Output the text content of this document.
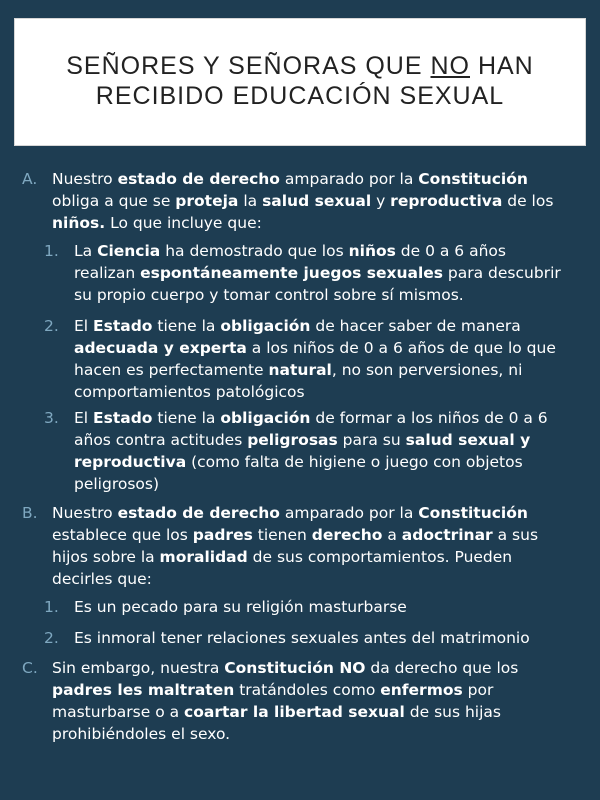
SEÑORES Y SEÑORAS QUE NO HAN
RECIBIDO EDUCACIÓN SEXUAL
A. Nuestro estado de derecho amparado por la Constitución obliga a que se proteja la salud sexual y reproductiva de los niños. Lo que incluye que:
1. La Ciencia ha demostrado que los niños de 0 a 6 años realizan espontáneamente juegos sexuales para descubrir su propio cuerpo y tomar control sobre sí mismos.
2. El Estado tiene la obligación de hacer saber de manera adecuada y experta a los niños de 0 a 6 años de que lo que hacen es perfectamente natural, no son perversiones, ni comportamientos patológicos
3. El Estado tiene la obligación de formar a los niños de 0 a 6 años contra actitudes peligrosas para su salud sexual y reproductiva (como falta de higiene o juego con objetos peligrosos)
B. Nuestro estado de derecho amparado por la Constitución establece que los padres tienen derecho a adoctrinar a sus hijos sobre la moralidad de sus comportamientos. Pueden decirles que:
1. Es un pecado para su religión masturbarse
2. Es inmoral tener relaciones sexuales antes del matrimonio
C. Sin embargo, nuestra Constitución NO da derecho que los padres les maltraten tratándoles como enfermos por masturbarse o a coartar la libertad sexual de sus hijas prohibiéndoles el sexo.
